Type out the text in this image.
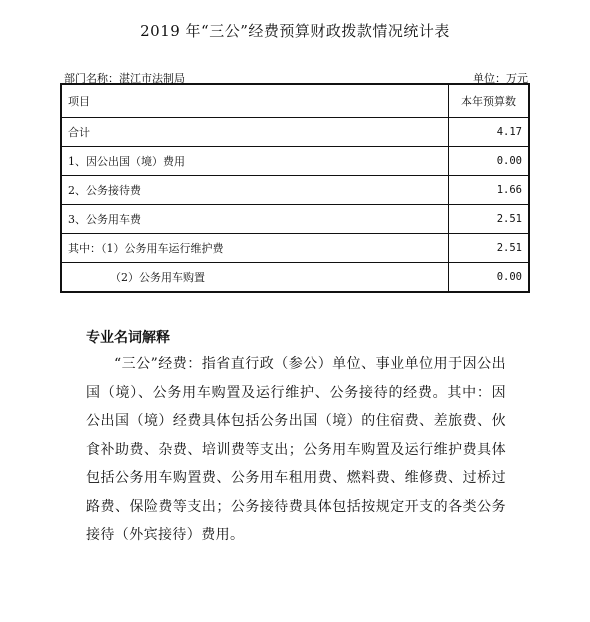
2019 年“三公”经费预算财政拨款情况统计表
部门名称：湛江市法制局	单位：万元
项目	本年预算数
合计	4.17
1、因公出国（境）费用	0.00
2、公务接待费	1.66
3、公务用车费	2.51
其中：（1）公务用车运行维护费	2.51
（2）公务用车购置	0.00
专业名词解释
“三公”经费：指省直行政（参公）单位、事业单位用于因公出国（境）、公务用车购置及运行维护、公务接待的经费。其中：因公出国（境）经费具体包括公务出国（境）的住宿费、差旅费、伙食补助费、杂费、培训费等支出；公务用车购置及运行维护费具体包括公务用车购置费、公务用车租用费、燃料费、维修费、过桥过路费、保险费等支出；公务接待费具体包括按规定开支的各类公务接待（外宾接待）费用。
